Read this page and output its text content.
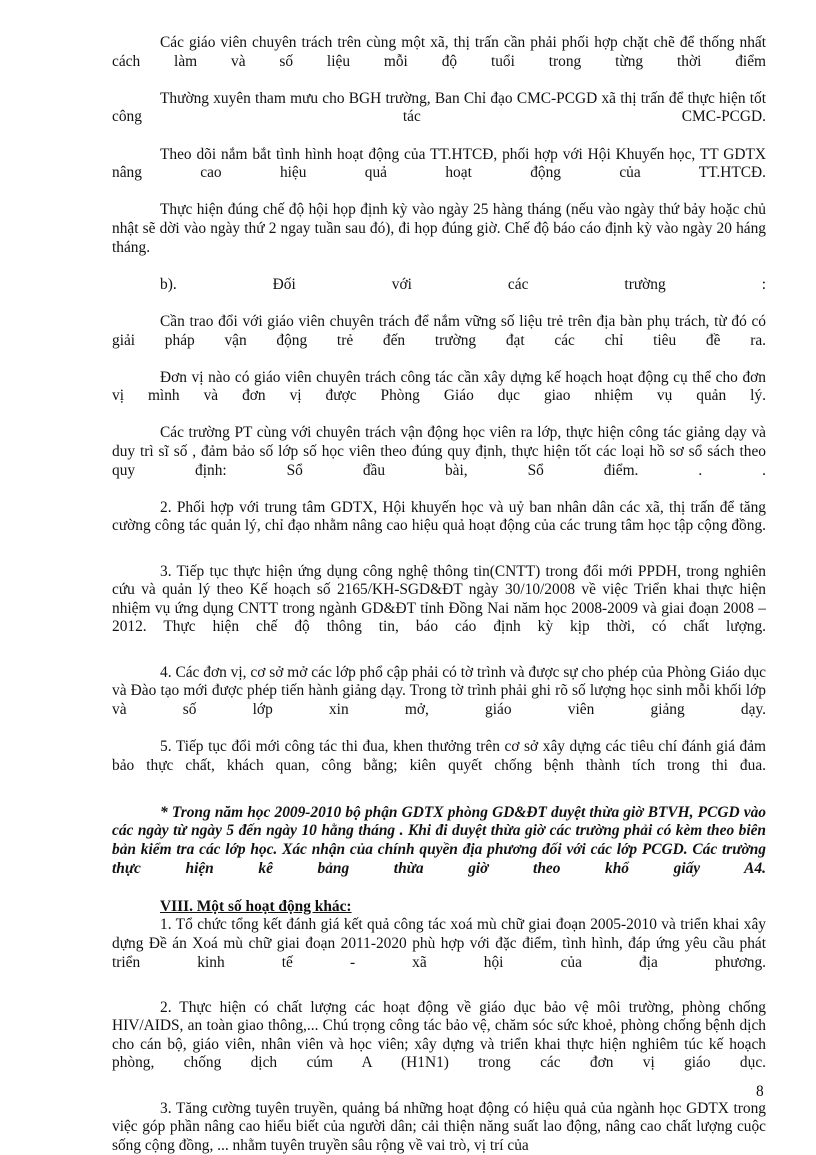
Các giáo viên chuyên trách trên cùng một xã, thị trấn cần phải phối hợp chặt chẽ để thống nhất cách làm và số liệu mỗi độ tuổi trong từng thời điểm

Thường xuyên tham mưu cho BGH trường, Ban Chỉ đạo CMC-PCGD xã thị trấn để thực hiện tốt công tác CMC-PCGD.

Theo dõi nắm bắt tình hình hoạt động của TT.HTCĐ, phối hợp với Hội Khuyến học, TT GDTX nâng cao hiệu quả hoạt động của TT.HTCĐ.

Thực hiện đúng chế độ hội họp định kỳ vào ngày 25 hàng tháng (nếu vào ngày thứ bảy hoặc chủ nhật sẽ dời vào ngày thứ 2 ngay tuần sau đó), đi họp đúng giờ. Chế độ báo cáo định kỳ vào ngày 20 háng tháng.

b). Đối với các trường :

Cần trao đổi với giáo viên chuyên trách để nắm vững số liệu trẻ trên địa bàn phụ trách, từ đó có giải pháp vận động trẻ đến trường đạt các chỉ tiêu đề ra.

Đơn vị nào có giáo viên chuyên trách công tác cần xây dựng kế hoạch hoạt động cụ thể cho đơn vị mình và đơn vị được Phòng Giáo dục giao nhiệm vụ quản lý.

Các trường PT cùng với chuyên trách vận động học viên ra lớp, thực hiện công tác giảng dạy và duy trì sĩ số , đảm bảo số lớp số học viên theo đúng quy định, thực hiện tốt các loại hồ sơ sổ sách theo quy định: Sổ đầu bài, Sổ điểm. . .

2. Phối hợp với trung tâm GDTX, Hội khuyến học và uỷ ban nhân dân các xã, thị trấn để tăng cường công tác quản lý, chỉ đạo nhằm nâng cao hiệu quả hoạt động của các trung tâm học tập cộng đồng.

3. Tiếp tục thực hiện ứng dụng công nghệ thông tin(CNTT) trong đổi mới PPDH, trong nghiên cứu và quản lý theo Kế hoạch số 2165/KH-SGD&ĐT ngày 30/10/2008 về việc Triển khai thực hiện nhiệm vụ ứng dụng CNTT trong ngành GD&ĐT tỉnh Đồng Nai năm học 2008-2009 và giai đoạn 2008 – 2012. Thực hiện chế độ thông tin, báo cáo định kỳ kịp thời, có chất lượng.

4. Các đơn vị, cơ sở mở các lớp phổ cập phải có tờ trình và được sự cho phép của Phòng Giáo dục và Đào tạo mới được phép tiến hành giảng dạy. Trong tờ trình phải ghi rõ số lượng học sinh mỗi khối lớp và số lớp xin mở, giáo viên giảng dạy.

5. Tiếp tục đổi mới công tác thi đua, khen thưởng trên cơ sở xây dựng các tiêu chí đánh giá đảm bảo thực chất, khách quan, công bằng; kiên quyết chống bệnh thành tích trong thi đua.

* Trong năm học 2009-2010 bộ phận GDTX phòng GD&ĐT duyệt thừa giờ BTVH, PCGD vào các ngày từ ngày 5 đến ngày 10 hằng tháng . Khi đi duyệt thừa giờ các trường phải có kèm theo biên bản kiểm tra các lớp học. Xác nhận của chính quyền địa phương đối với các lớp PCGD. Các trường thực hiện kê bảng thừa giờ theo khổ giấy A4.

VIII. Một số hoạt động khác:

1. Tổ chức tổng kết đánh giá kết quả công tác xoá mù chữ giai đoạn 2005-2010 và triển khai xây dựng Đề án Xoá mù chữ giai đoạn 2011-2020 phù hợp với đặc điểm, tình hình, đáp ứng yêu cầu phát triển kinh tế - xã hội của địa phương.

2. Thực hiện có chất lượng các hoạt động về giáo dục bảo vệ môi trường, phòng chống HIV/AIDS, an toàn giao thông,... Chú trọng công tác bảo vệ, chăm sóc sức khoẻ, phòng chống bệnh dịch cho cán bộ, giáo viên, nhân viên và học viên; xây dựng và triển khai thực hiện nghiêm túc kế hoạch phòng, chống dịch cúm A (H1N1) trong các đơn vị giáo dục.

3. Tăng cường tuyên truyền, quảng bá những hoạt động có hiệu quả của ngành học GDTX trong việc góp phần nâng cao hiểu biết của người dân; cải thiện năng suất lao động, nâng cao chất lượng cuộc sống cộng đồng, ... nhằm tuyên truyền sâu rộng về vai trò, vị trí của

8
